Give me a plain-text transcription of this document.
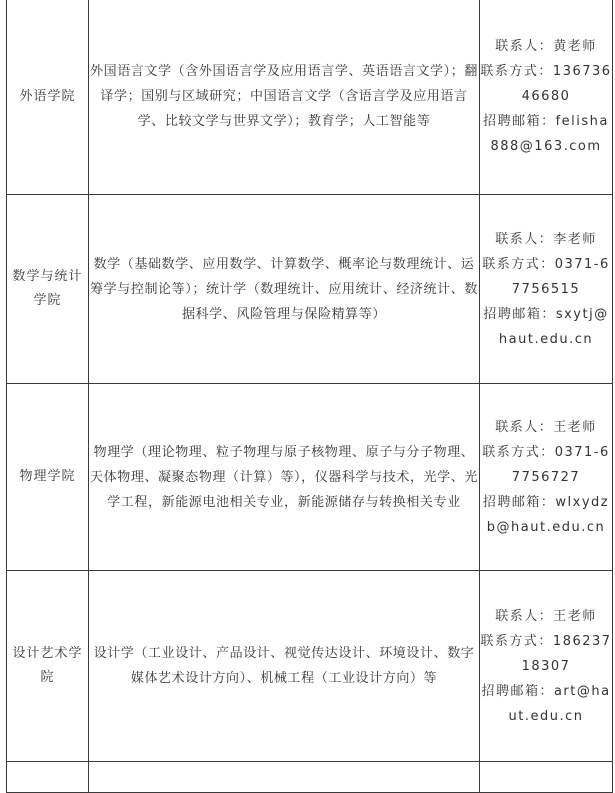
外语学院	外国语言文学（含外国语言学及应用语言学、英语语言文学）；翻译学；国别与区域研究；中国语言文学（含语言学及应用语言学、比较文学与世界文学）；教育学；人工智能等	联系人：黄老师
联系方式：13673646680
招聘邮箱：felisha888@163.com

数学与统计学院	数学（基础数学、应用数学、计算数学、概率论与数理统计、运筹学与控制论等）；统计学（数理统计、应用统计、经济统计、数据科学、风险管理与保险精算等）	联系人：李老师
联系方式：0371-67756515
招聘邮箱：sxytj@haut.edu.cn

物理学院	物理学（理论物理、粒子物理与原子核物理、原子与分子物理、天体物理、凝聚态物理（计算）等），仪器科学与技术，光学、光学工程，新能源电池相关专业，新能源储存与转换相关专业	联系人：王老师
联系方式：0371-67756727
招聘邮箱：wlxydzb@haut.edu.cn

设计艺术学院	设计学（工业设计、产品设计、视觉传达设计、环境设计、数字媒体艺术设计方向）、机械工程（工业设计方向）等	联系人：王老师
联系方式：18623718307
招聘邮箱：art@haut.edu.cn
